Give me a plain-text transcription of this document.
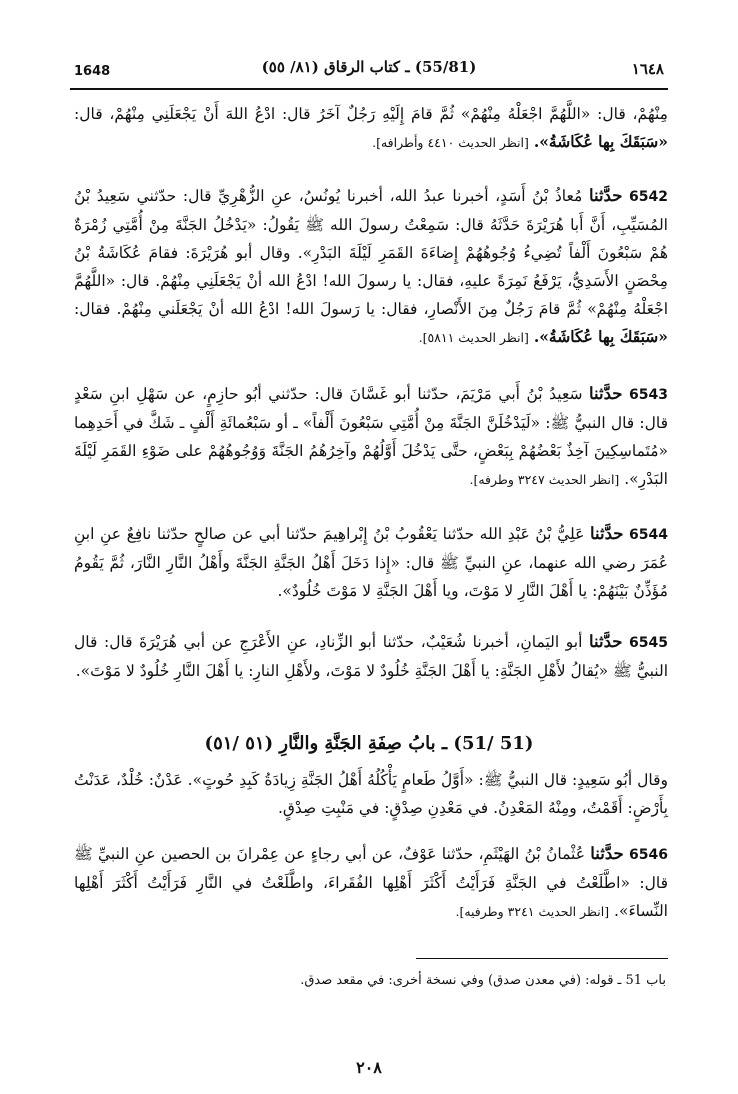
1648	(55/81) ـ كتاب الرقاق (٨١/ ٥٥)	١٦٤٨

مِنْهُمْ، قال: «اللَّهُمَّ اجْعَلْهُ مِنْهُمْ» ثُمَّ قامَ إِلَيْهِ رَجُلٌ آخَرُ قال: ادْعُ اللهَ أَنْ يَجْعَلَنِي مِنْهُمْ، قال: «سَبَقَكَ بِها عُكَاشَةُ». [انظر الحديث ٤٤١٠ وأطرافه].

6542 حدَّثنا مُعاذُ بْنُ أَسَدٍ، أخبرنا عبدُ الله، أخبرنا يُونُسُ، عنِ الزُّهْرِيِّ قال: حدّثني سَعِيدُ بْنُ المُسَيِّبِ، أَنَّ أَبا هُرَيْرَةَ حَدَّثَهُ قال: سَمِعْتُ رسولَ الله ﷺ يَقُولُ: «يَدْخُلُ الجَنَّةَ مِنْ أُمَّتِي زُمْرَةٌ هُمْ سَبْعُونَ أَلْفاً تُضِيءُ وُجُوهُهُمْ إِضاءَةَ القَمَرِ لَيْلَةَ البَدْرِ». وقال أبو هُرَيْرَةَ: فقامَ عُكَاشَةُ بْنُ مِحْصَنٍ الأَسَدِيُّ، يَرْفَعُ نَمِرَةً عليهِ، فقال: يا رسولَ الله! ادْعُ الله أنْ يَجْعَلَنِي مِنْهُمْ. قال: «اللَّهُمَّ اجْعَلْهُ مِنْهُمْ» ثُمَّ قامَ رَجُلٌ مِنَ الأَنْصارِ، فقال: يا رَسولَ الله! ادْعُ الله أنْ يَجْعَلَني مِنْهُمْ. فقال: «سَبَقَكَ بِها عُكَاشَةُ». [انظر الحديث ٥٨١١].

6543 حدَّثنا سَعِيدُ بْنُ أَبي مَرْيَمَ، حدّثنا أبو غَسَّانَ قال: حدّثني أبُو حازِمٍ، عن سَهْلِ ابنِ سَعْدٍ قال: قال النبيُّ ﷺ: «لَيَدْخُلَنَّ الجَنَّةَ مِنْ أُمَّتِي سَبْعُونَ أَلْفاً» ـ أو سَبْعُمائَةِ أَلْفٍ ـ شَكَّ في أَحَدِهِما «مُتَماسِكِينَ آخِذٌ بَعْضُهُمْ بِبَعْضٍ، حتَّى يَدْخُلَ أَوَّلُهُمْ وآخِرُهُمُ الجَنَّةَ وَوُجُوهُهُمْ على ضَوْءِ القَمَرِ لَيْلَةَ البَدْرِ». [انظر الحديث ٣٢٤٧ وطرفه].

6544 حدَّثنا عَلِيُّ بْنُ عَبْدِ الله حدّثنا يَعْقُوبُ بْنُ إِبْراهِيمَ حدّثنا أبي عن صالحٍ حدّثنا نافِعٌ عنِ ابنِ عُمَرَ رضي الله عنهما، عنِ النبيِّ ﷺ قال: «إِذا دَخَلَ أَهْلُ الجَنَّةِ الجَنَّةَ وأَهْلُ النَّارِ النَّارَ، ثُمَّ يَقُومُ مُؤَذِّنٌ بَيْنَهُمْ: يا أَهْلَ النَّارِ لا مَوْتَ، ويا أَهْلَ الجَنَّةِ لا مَوْتَ خُلُودٌ».

6545 حدَّثنا أبو اليَمانِ، أخبرنا شُعَيْبٌ، حدّثنا أبو الزِّنادِ، عنِ الأَعْرَجِ عن أبي هُرَيْرَةَ قال: قال النبيُّ ﷺ «يُقالُ لأَهْلِ الجَنَّةِ: يا أَهْلَ الجَنَّةِ خُلُودٌ لا مَوْتَ، ولأَهْلِ النارِ: يا أَهْلَ النَّارِ خُلُودٌ لا مَوْتَ».

(51 /51) ـ بابُ صِفَةِ الجَنَّةِ والنَّارِ (٥١ /٥١)

وقال أبُو سَعِيدٍ: قال النبيُّ ﷺ: «أَوَّلُ طَعامٍ يَأْكُلُهُ أَهْلُ الجَنَّةِ زِيادَةُ كَبِدِ حُوتٍ». عَدْنٌ: خُلْدٌ، عَدَنْتُ بِأَرْضٍ: أَقَمْتُ، ومِنْهُ المَعْدِنُ. في مَعْدِنِ صِدْقٍ: في مَنْبِتِ صِدْقٍ.

6546 حدَّثنا عُثْمانُ بْنُ الهَيْثَمِ، حدّثنا عَوْفٌ، عن أبي رجاءٍ عن عِمْرانَ بن الحصين عنِ النبيِّ ﷺ قال: «اطَّلَعْتُ في الجَنَّةِ فَرَأَيْتُ أَكْثَرَ أَهْلِها الفُقَراءَ، واطَّلَعْتُ في النَّارِ فَرَأَيْتُ أَكْثَرَ أَهْلِها النِّساءَ». [انظر الحديث ٣٢٤١ وطرفيه].

باب 51 ـ قوله: (في معدن صدق) وفي نسخة أخرى: في مقعد صدق.
٢٠٨
